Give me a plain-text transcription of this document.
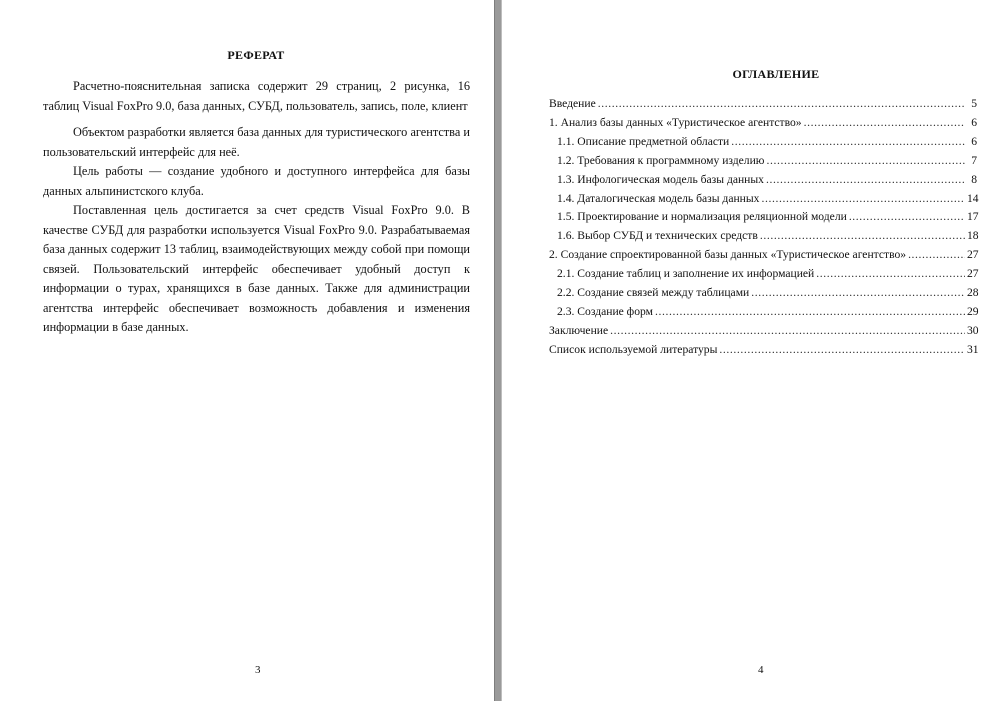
РЕФЕРАТ

Расчетно-пояснительная записка содержит 29 страниц, 2 рисунка, 16 таблиц Visual FoxPro 9.0, база данных, СУБД, пользователь, запись, поле, клиент

Объектом разработки является база данных для туристического агентства и пользовательский интерфейс для неё.

Цель работы — создание удобного и доступного интерфейса для базы данных альпинистского клуба.

Поставленная цель достигается за счет средств Visual FoxPro 9.0. В качестве СУБД для разработки используется Visual FoxPro 9.0. Разрабатываемая база данных содержит 13 таблиц, взаимодействующих между собой при помощи связей. Пользовательский интерфейс обеспечивает удобный доступ к информации о турах, хранящихся в базе данных. Также для администрации агентства интерфейс обеспечивает возможность добавления и изменения информации в базе данных.

3
ОГЛАВЛЕНИЕ
Введение .....	5
1. Анализ базы данных «Туристическое агентство» .....	6
1.1. Описание предметной области .....	6
1.2. Требования к программному изделию .....	7
1.3. Инфологическая модель базы данных .....	8
1.4. Даталогическая модель базы данных .....	14
1.5. Проектирование и нормализация реляционной модели .....	17
1.6. Выбор СУБД и технических средств .....	18
2. Создание спроектированной базы данных «Туристическое агентство» .....	27
2.1. Создание таблиц и заполнение их информацией .....	27
2.2. Создание связей между таблицами .....	28
2.3. Создание форм .....	29
Заключение .....	30
Список используемой литературы .....	31
4
